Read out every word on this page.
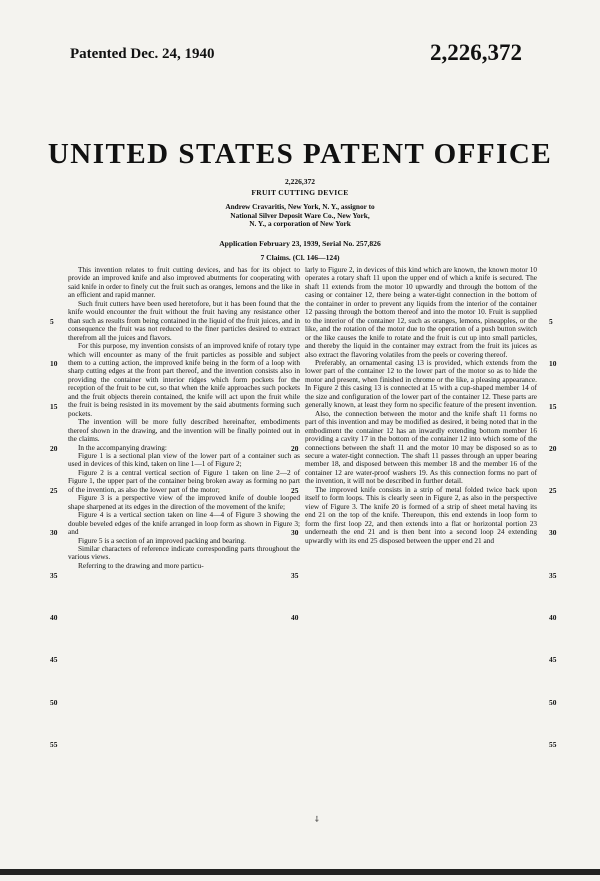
Patented Dec. 24, 1940	2,226,372
UNITED STATES PATENT OFFICE
2,226,372
FRUIT CUTTING DEVICE
Andrew Cravaritis, New York, N. Y., assignor to
National Silver Deposit Ware Co., New York,
N. Y., a corporation of New York
Application February 23, 1939, Serial No. 257,826
7 Claims. (Cl. 146—124)

This invention relates to fruit cutting devices, and has for its object to provide an improved knife and also improved abutments for cooperating with said knife in order to finely cut the fruit such as oranges, lemons and the like in an efficient and rapid manner.

Such fruit cutters have been used heretofore, but it has been found that the knife would encounter the fruit without the fruit having any resistance other than such as results from being contained in the liquid of the fruit juices, and in consequence the fruit was not reduced to the finer particles desired to extract therefrom all the juices and flavors.

For this purpose, my invention consists of an improved knife of rotary type which will encounter as many of the fruit particles as possible and subject them to a cutting action, the improved knife being in the form of a loop with sharp cutting edges at the front part thereof, and the invention consists also in providing the container with interior ridges which form pockets for the reception of the fruit to be cut, so that when the knife approaches such pockets and the fruit objects therein contained, the knife will act upon the fruit while the fruit is being resisted in its movement by the said abutments forming such pockets.

The invention will be more fully described hereinafter, embodiments thereof shown in the drawing, and the invention will be finally pointed out in the claims.

In the accompanying drawing:

Figure 1 is a sectional plan view of the lower part of a container such as used in devices of this kind, taken on line 1—1 of Figure 2;

Figure 2 is a central vertical section of Figure 1 taken on line 2—2 of Figure 1, the upper part of the container being broken away as forming no part of the invention, as also the lower part of the motor;

Figure 3 is a perspective view of the improved knife of double looped shape sharpened at its edges in the direction of the movement of the knife;

Figure 4 is a vertical section taken on line 4—4 of Figure 3 showing the double beveled edges of the knife arranged in loop form as shown in Figure 3; and

Figure 5 is a section of an improved packing and bearing.

Similar characters of reference indicate corresponding parts throughout the various views.

Referring to the drawing and more particu-

larly to Figure 2, in devices of this kind which are known, the known motor 10 operates a rotary shaft 11 upon the upper end of which a knife is secured. The shaft 11 extends from the motor 10 upwardly and through the bottom of the casing or container 12, there being a water-tight connection in the bottom of the container in order to prevent any liquids from the interior of the container 12 passing through the bottom thereof and into the motor 10. Fruit is supplied to the interior of the container 12, such as oranges, lemons, pineapples, or the like, and the rotation of the motor due to the operation of a push button switch or the like causes the knife to rotate and the fruit is cut up into small particles, and thereby the liquid in the container may extract from the fruit its juices as also extract the flavoring volatiles from the peels or covering thereof.

Preferably, an ornamental casing 13 is provided, which extends from the lower part of the container 12 to the lower part of the motor so as to hide the motor and present, when finished in chrome or the like, a pleasing appearance. In Figure 2 this casing 13 is connected at 15 with a cup-shaped member 14 of the size and configuration of the lower part of the container 12. These parts are generally known, at least they form no specific feature of the present invention.

Also, the connection between the motor and the knife shaft 11 forms no part of this invention and may be modified as desired, it being noted that in the embodiment the container 12 has an inwardly extending bottom member 16 providing a cavity 17 in the bottom of the container 12 into which some of the connections between the shaft 11 and the motor 10 may be disposed so as to secure a water-tight connection. The shaft 11 passes through an upper bearing member 18, and disposed between this member 18 and the member 16 of the container 12 are water-proof washers 19. As this connection forms no part of the invention, it will not be described in further detail.

The improved knife consists in a strip of metal folded twice back upon itself to form loops. This is clearly seen in Figure 2, as also in the perspective view of Figure 3. The knife 20 is formed of a strip of sheet metal having its end 21 on the top of the knife. Thereupon, this end extends in loop form to form the first loop 22, and then extends into a flat or horizontal portion 23 underneath the end 21 and is then bent into a second loop 24 extending upwardly with its end 25 disposed between the upper end 21 and

5
10
15
20
25
30
35
40
45
50
55
20
25
30
35
40
5
10
15
20
25
30
35
40
45
50
55
⸸
